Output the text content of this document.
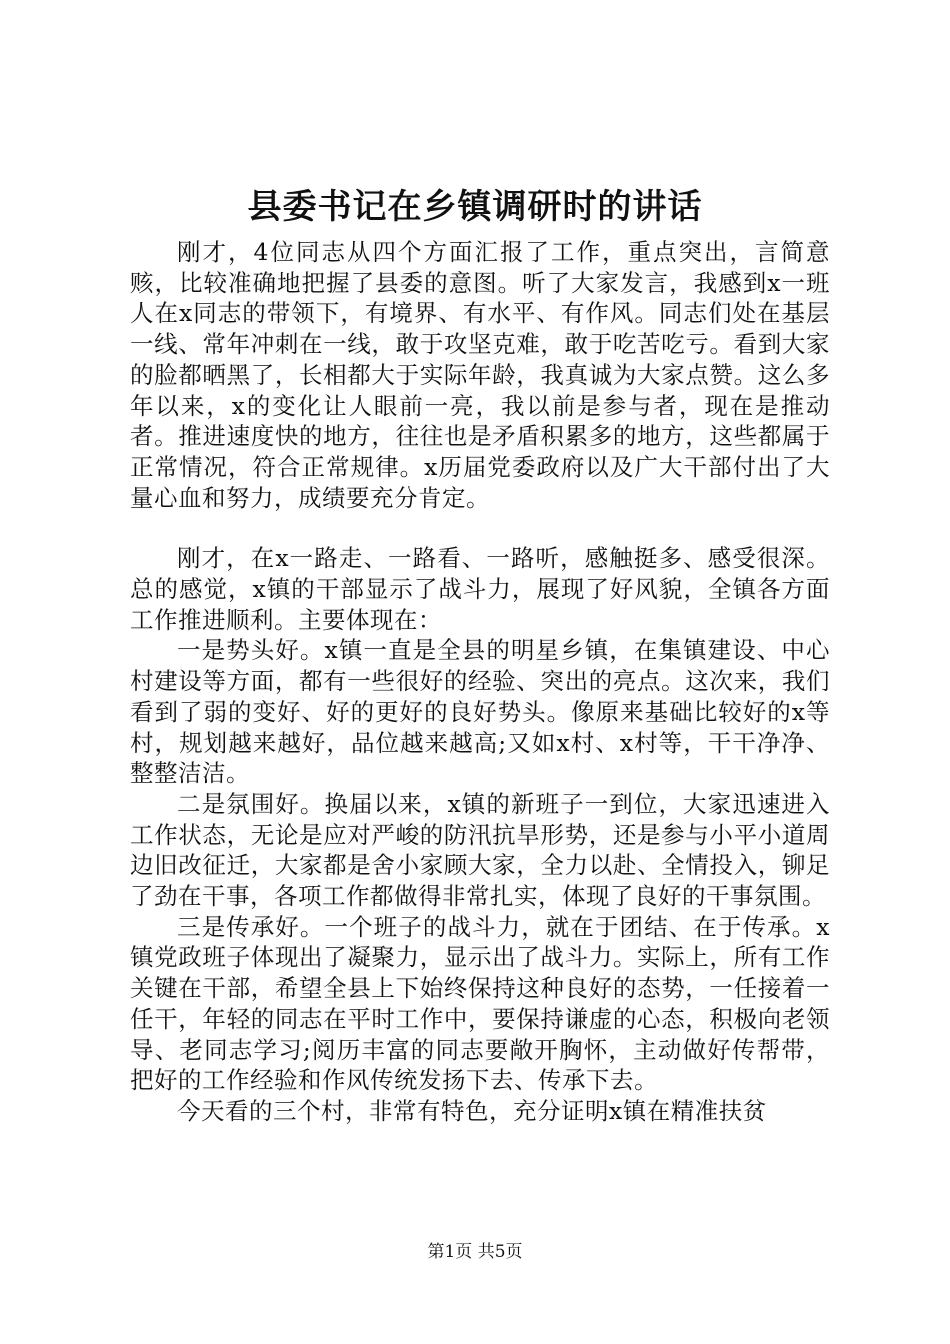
县委书记在乡镇调研时的讲话

刚才，4位同志从四个方面汇报了工作，重点突出，言简意赅，比较准确地把握了县委的意图。听了大家发言，我感到x一班人在x同志的带领下，有境界、有水平、有作风。同志们处在基层一线、常年冲刺在一线，敢于攻坚克难，敢于吃苦吃亏。看到大家的脸都晒黑了，长相都大于实际年龄，我真诚为大家点赞。这么多年以来，x的变化让人眼前一亮，我以前是参与者，现在是推动者。推进速度快的地方，往往也是矛盾积累多的地方，这些都属于正常情况，符合正常规律。x历届党委政府以及广大干部付出了大量心血和努力，成绩要充分肯定。

刚才，在x一路走、一路看、一路听，感触挺多、感受很深。总的感觉，x镇的干部显示了战斗力，展现了好风貌，全镇各方面工作推进顺利。主要体现在：

一是势头好。x镇一直是全县的明星乡镇，在集镇建设、中心村建设等方面，都有一些很好的经验、突出的亮点。这次来，我们看到了弱的变好、好的更好的良好势头。像原来基础比较好的x等村，规划越来越好，品位越来越高;又如x村、x村等，干干净净、整整洁洁。

二是氛围好。换届以来，x镇的新班子一到位，大家迅速进入工作状态，无论是应对严峻的防汛抗旱形势，还是参与小平小道周边旧改征迁，大家都是舍小家顾大家，全力以赴、全情投入，铆足了劲在干事，各项工作都做得非常扎实，体现了良好的干事氛围。

三是传承好。一个班子的战斗力，就在于团结、在于传承。x镇党政班子体现出了凝聚力，显示出了战斗力。实际上，所有工作关键在干部，希望全县上下始终保持这种良好的态势，一任接着一任干，年轻的同志在平时工作中，要保持谦虚的心态，积极向老领导、老同志学习;阅历丰富的同志要敞开胸怀，主动做好传帮带，把好的工作经验和作风传统发扬下去、传承下去。

今天看的三个村，非常有特色，充分证明x镇在精准扶贫

第1页 共5页
